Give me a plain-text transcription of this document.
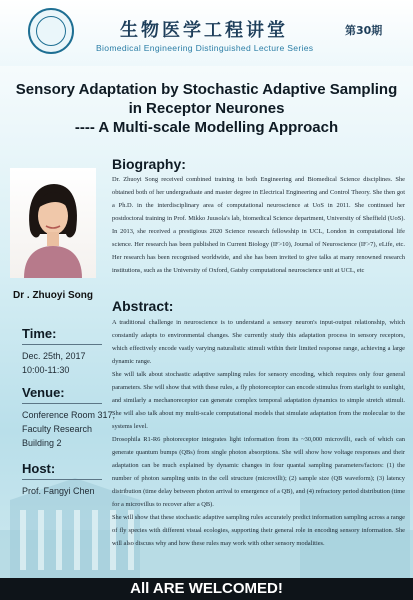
生物医学工程讲堂	第30期
Biomedical Engineering Distinguished Lecture Series
Sensory Adaptation by Stochastic Adaptive Sampling
in Receptor Neurones
---- A Multi-scale Modelling Approach
Dr . Zhuoyi Song
Time:
Dec. 25th, 2017
10:00-11:30
Venue:
Conference Room 317,
Faculty Research
Building 2
Host:
Prof. Fangyi Chen
Biography:
Dr. Zhuoyi Song received combined training in both Engineering and Biomedical Science disciplines. She obtained both of her undergraduate and master degree in Electrical Engineering and Control Theory. She then got a Ph.D. in the interdisciplinary area of computational neuroscience at UoS in 2011. She continued her postdoctoral training in Prof. Mikko Juusola's lab, biomedical Science department, University of Sheffield (UoS). In 2013, she received a prestigious 2020 Science research fellowship in UCL, London in computational life science. Her research has been published in Current Biology (IF>10), Journal of Neuroscience (IF>7), eLife, etc. Her research has been recognised worldwide, and she has been invited to give talks at many renowned research institutions, such as the University of Oxford, Gatsby computational neuroscience unit at UCL, etc
Abstract:
A traditional challenge in neuroscience is to understand a sensory neuron's input-output relationship, which constantly adapts to environmental changes. She currently study this adaptation process in sensory receptors, which effectively encode vastly varying naturalistic stimuli within their limited response range, achieving a large dynamic range.
She will talk about stochastic adaptive sampling rules for sensory encoding, which requires only four general parameters. She will show that with these rules, a fly photoreceptor can encode stimulus from starlight to sunlight, and similarly a mechanoreceptor can generate complex temporal adaptation dynamics to simple stretch stimuli. She will also talk about my multi-scale computational models that simulate adaptation from the molecular to the systems level.
Drosophila R1-R6 photoreceptor integrates light information from its ~30,000 microvilli, each of which can generate quantum bumps (QBs) from single photon absorptions. She will show how voltage responses and their adaptation can be much explained by dynamic changes in four quantal sampling parameters/factors: (1) the number of photon sampling units in the cell structure (microvilli); (2) sample size (QB waveform); (3) latency distribution (time delay between photon arrival to emergence of a QB), and (4) refractory period distribution (time for a microvillus to recover after a QB).
She will show that these stochastic adaptive sampling rules accurately predict information sampling across a range of fly species with different visual ecologies, supporting their general role in encoding sensory information. She will also discuss why and how these rules may work with other sensory modalities.
All ARE WELCOMED!
